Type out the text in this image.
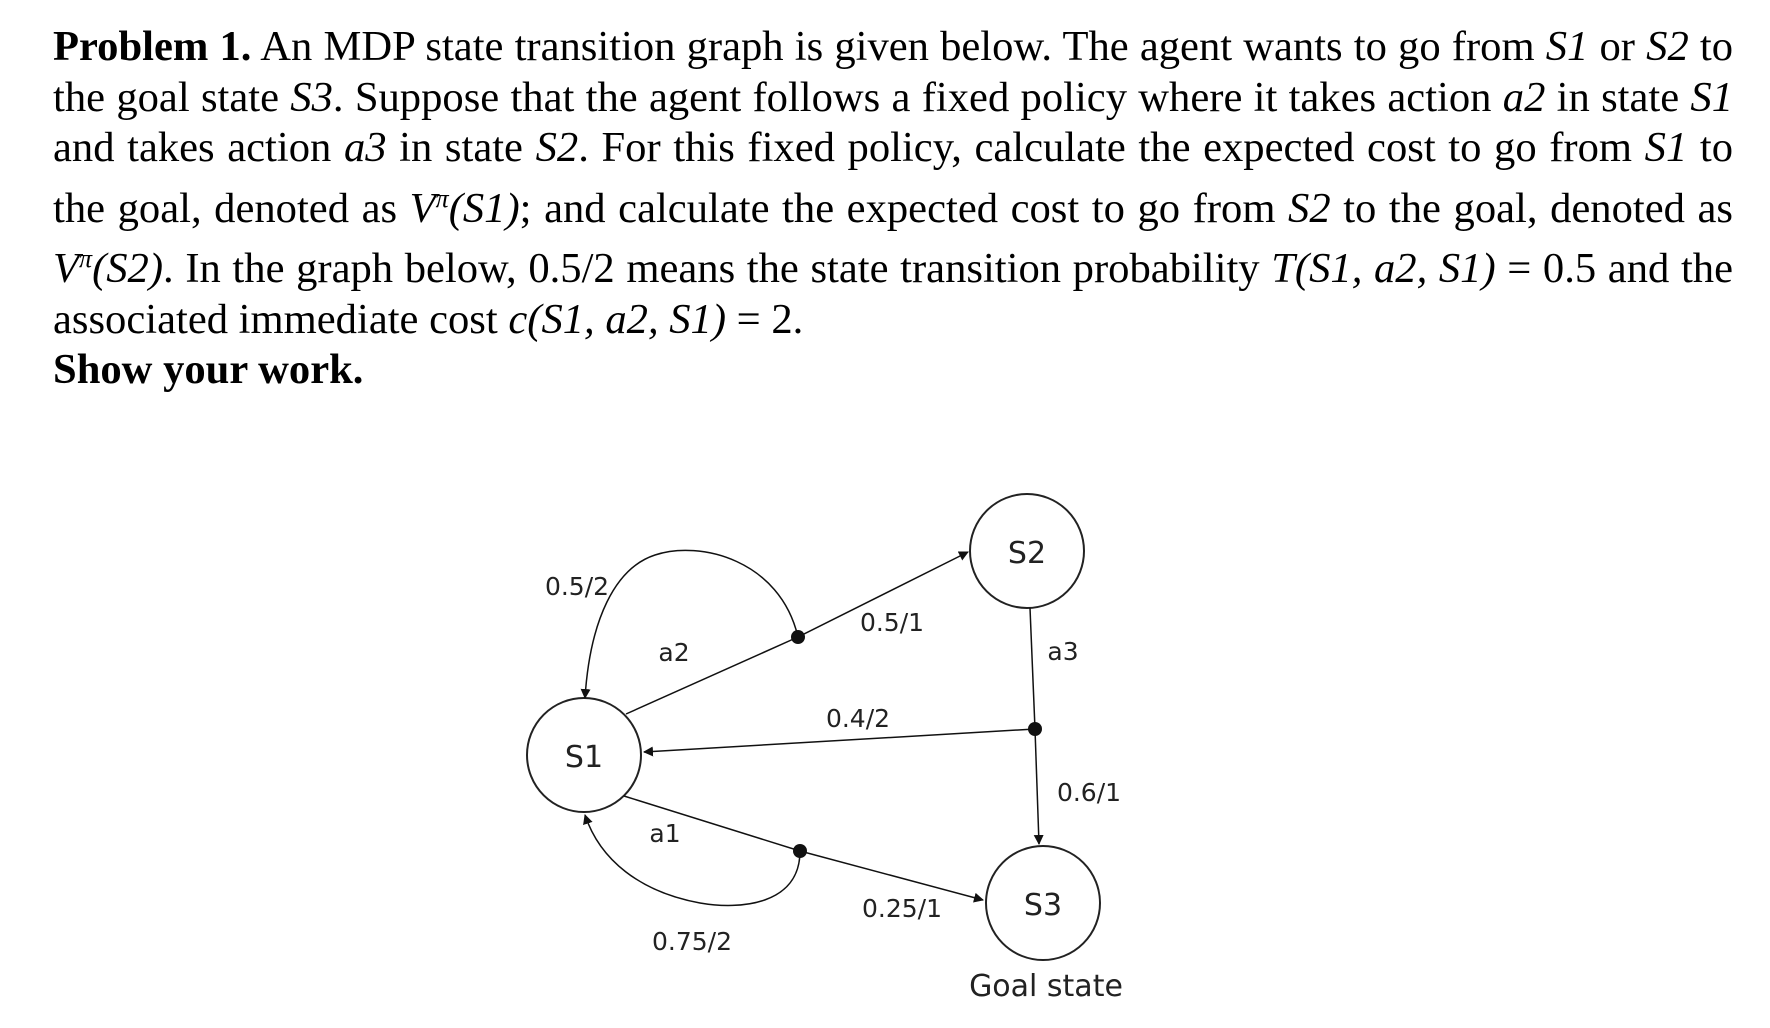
Problem 1. An MDP state transition graph is given below. The agent wants to go from S1 or S2 to the goal state S3. Suppose that the agent follows a fixed policy where it takes action a2 in state S1 and takes action a3 in state S2. For this fixed policy, calculate the expected cost to go from S1 to the goal, denoted as $V^\pi(S1)$; and calculate the expected cost to go from S2 to the goal, denoted as $V^\pi(S2)$. In the graph below, 0.5/2 means the state transition probability T(S1, a2, S1) = 0.5 and the associated immediate cost c(S1, a2, S1) = 2.
Show your work.
S1
S2
S3
Goal state
a2	a3
a1
0.5/2
0.5/1
0.4/2
0.6/1
0.25/1
0.75/2
